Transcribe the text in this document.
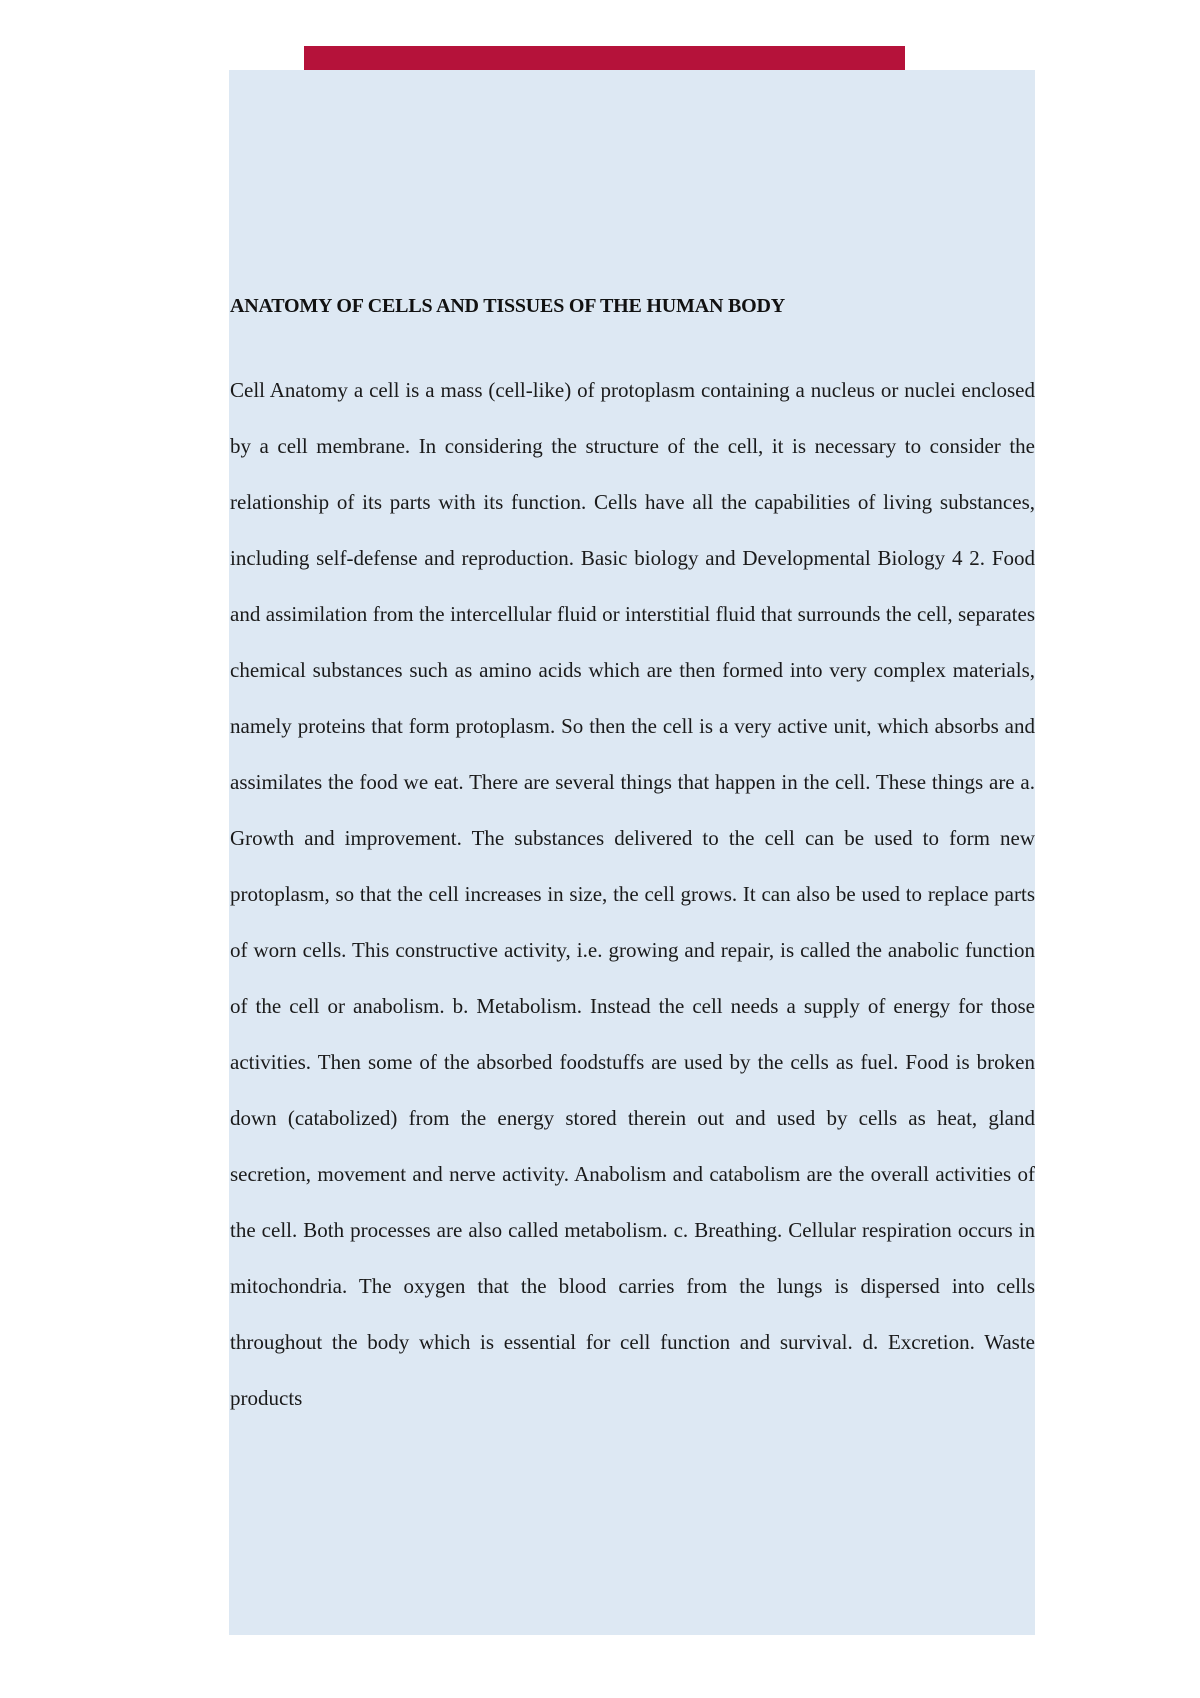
ANATOMY OF CELLS AND TISSUES OF THE HUMAN BODY

Cell Anatomy a cell is a mass (cell-like) of protoplasm containing a nucleus or nuclei enclosed by a cell membrane. In considering the structure of the cell, it is necessary to consider the relationship of its parts with its function. Cells have all the capabilities of living substances, including self-defense and reproduction. Basic biology and Developmental Biology 4 2. Food and assimilation from the intercellular fluid or interstitial fluid that surrounds the cell, separates chemical substances such as amino acids which are then formed into very complex materials, namely proteins that form protoplasm. So then the cell is a very active unit, which absorbs and assimilates the food we eat. There are several things that happen in the cell. These things are a. Growth and improvement. The substances delivered to the cell can be used to form new protoplasm, so that the cell increases in size, the cell grows. It can also be used to replace parts of worn cells. This constructive activity, i.e. growing and repair, is called the anabolic function of the cell or anabolism. b. Metabolism. Instead the cell needs a supply of energy for those activities. Then some of the absorbed foodstuffs are used by the cells as fuel. Food is broken down (catabolized) from the energy stored therein out and used by cells as heat, gland secretion, movement and nerve activity. Anabolism and catabolism are the overall activities of the cell. Both processes are also called metabolism. c. Breathing. Cellular respiration occurs in mitochondria. The oxygen that the blood carries from the lungs is dispersed into cells throughout the body which is essential for cell function and survival. d. Excretion. Waste products
